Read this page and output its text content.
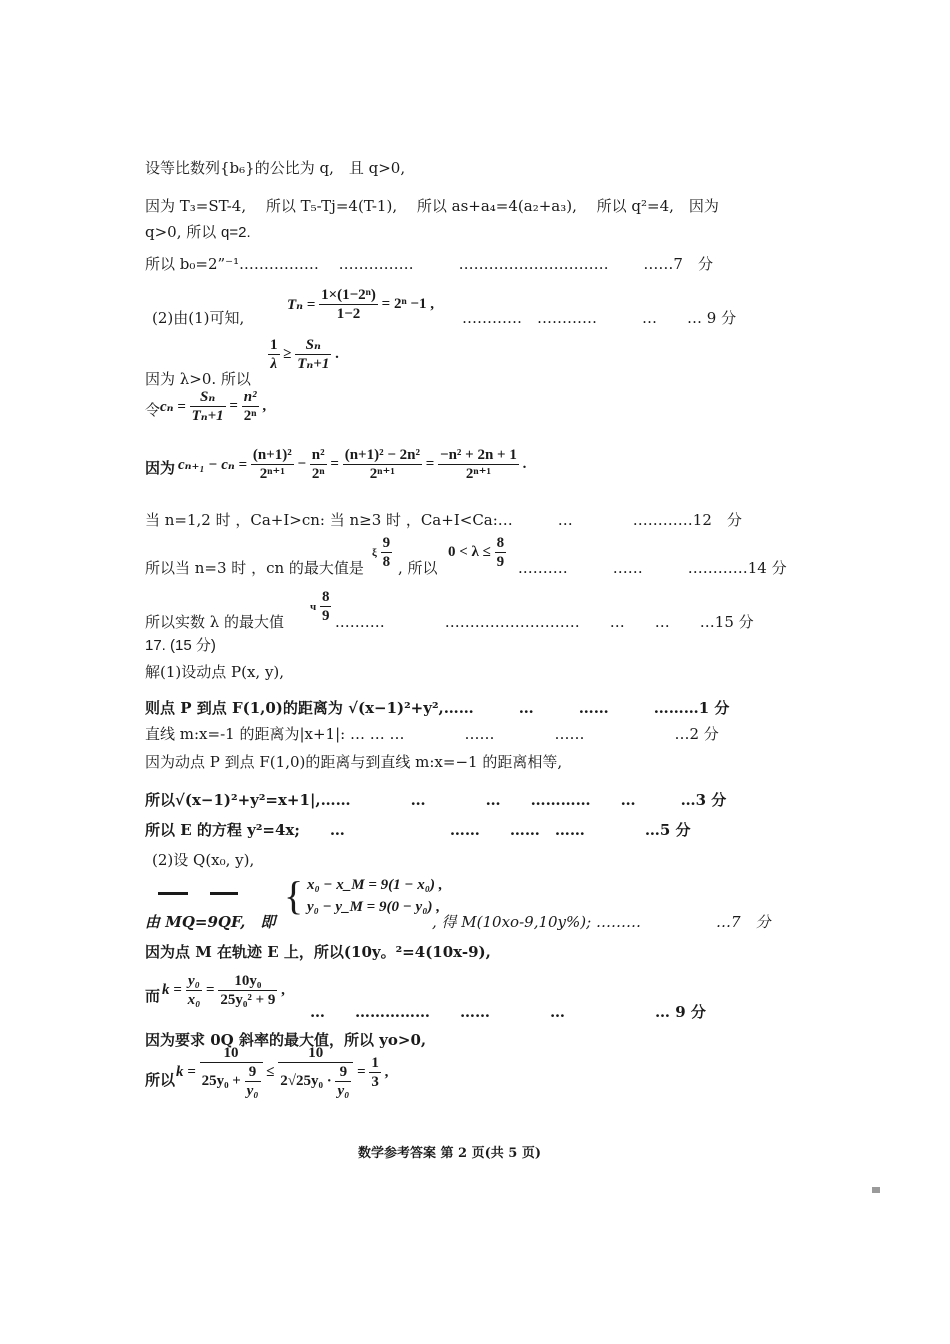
设等比数列{b₆}的公比为 q,　且 q>0,
因为 T₃=ST-4,　 所以 T₅-Tj=4(T-1),　 所以 as+a₄=4(a₂+a₃),　 所以 q²=4,　因为
q>0, 所以 q=2.
所以 b₀=2”⁻¹.…………… 　……………　　　………………………… 　　……7　分
(2)由(1)可知,
$T_n = \frac{\text{1×(1−2ⁿ)}}{1-2} = 2^n -1$ ,
…………　…………　　　…　　… 9 分
$\frac{1}{\lambda} \ge \frac{\text{Sₙ}}{\text{Tₙ+1}}$ .
因为 λ>0. 所以
令 $c_n = \frac{\text{Sₙ}}{\text{Tₙ+1}} = \frac{\text{n²}}{\text{2ⁿ}}$ ,
因为 $c_{n+1} - c_n = \frac{\text{(n+1)²}}{\text{2ⁿ⁺¹}} - \frac{\text{n²}}{\text{2ⁿ}} = \frac{\text{(n+1)² − 2n²}}{\text{2ⁿ⁺¹}} = \frac{\text{−n² + 2n + 1}}{\text{2ⁿ⁺¹}}$ .
当 n=1,2 时 ，Ca+I>cn: 当 n≥3 时 ，Ca+I<Ca:…　　　…　　　　…………12　分
所以当 n=3 时 ，cn 的最大值是
ξ $\frac{9}{8}$ , 所以
$0 < \lambda \le \frac{8}{9}$ .………　　　……　　　…………14 分
所以实数 λ 的最大值
ч $\frac{8}{9}$ .………　　　　………………………　　…　　…　　…15 分
17. (15 分)
解(1)设动点 P(x, y),
则点 P 到点 F(1,0)的距离为 √(x−1)²+y²,……　　　…　　　……　　　………1 分
直线 m:x=-1 的距离为|x+1|: … … …　　　　……　　　　……　　　　　　…2 分
因为动点 P 到点 F(1,0)的距离与到直线 m:x=−1 的距离相等,
所以√(x−1)²+y²=x+1|,……　　　　…　　　　…　　…………　　…　　　…3 分
所以 E 的方程 y²=4x;　　…　　　　　　　……　　……　……　　　　…5 分
(2)设 Q(x₀, y),
由 MQ=9QF,　即
{ x₀ − x_M = 9(1 − x₀) ,
y₀ − y_M = 9(0 − y₀) ,
, 得 M(10xo-9,10y%); ………　　　　　…7　分
因为点 M 在轨迹 E 上，所以(10y。²=4(10x-9),
而 $k = \frac{\text{y₀}}{\text{x₀}} = \frac{\text{10y₀}}{\text{25y₀² + 9}}$ ,
…　　……………　　……　　　　…　　　　　　… 9 分
因为要求 0Q 斜率的最大值，所以 yo>0,
所以 $k = \frac{10}{25y_0 + \frac{9}{\text{y₀}}} \le \frac{10}{2√25y_0 \cdot \frac{9}{\text{y₀}}} = \frac{1}{3}$ ,
数学参考答案 第 2 页(共 5 页)
